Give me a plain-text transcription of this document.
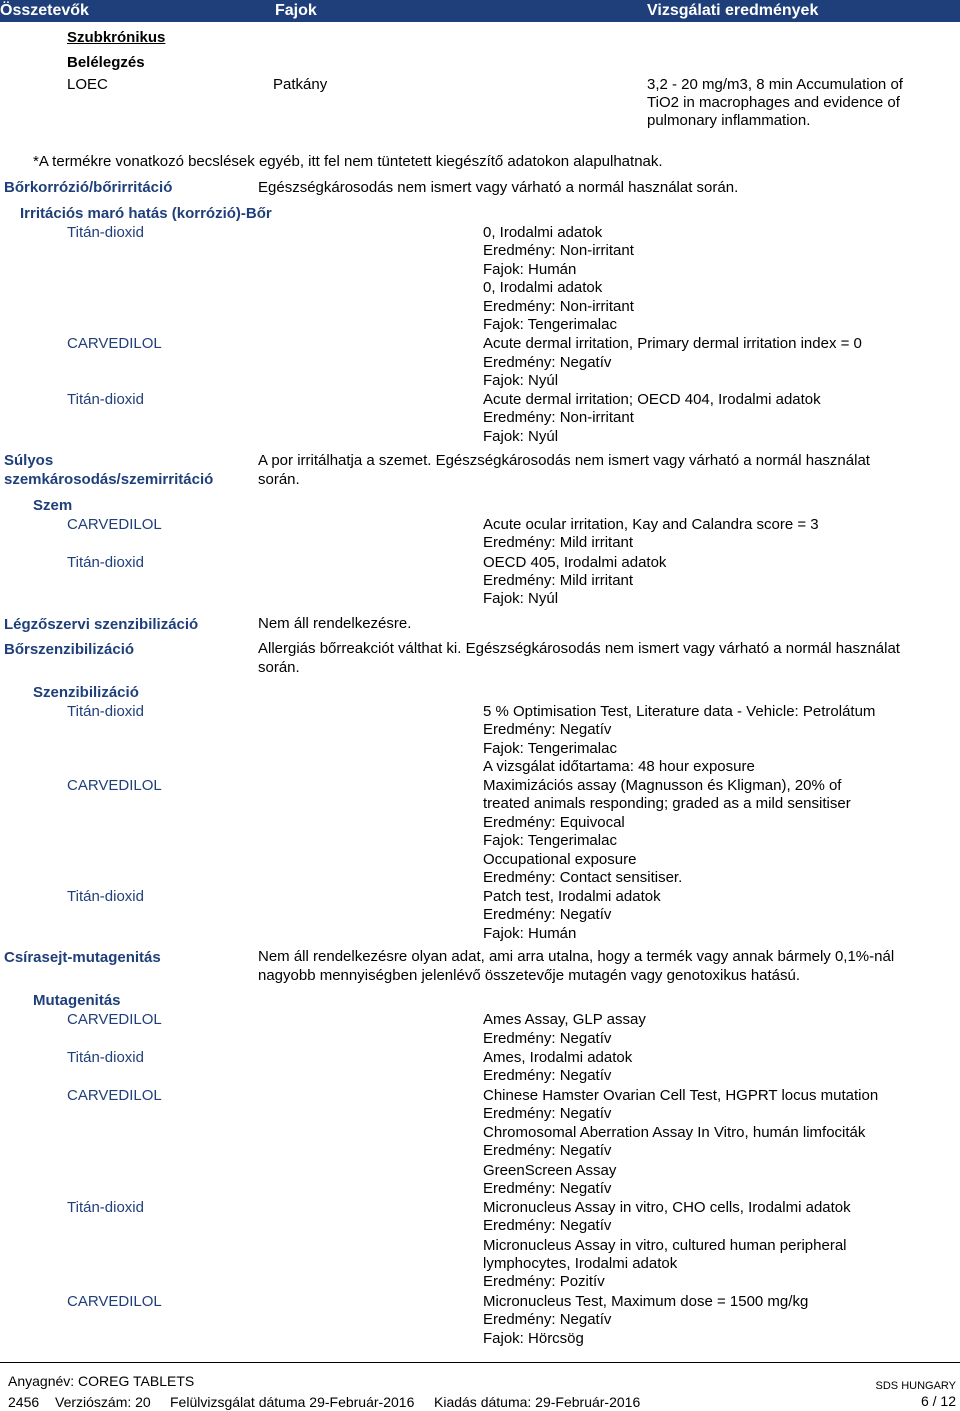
Összetevők	Fajok	Vizsgálati eredmények
Szubkrónikus
Belélegzés
LOEC	Patkány	3,2 - 20 mg/m3, 8 min Accumulation of
TiO2 in macrophages and evidence of
pulmonary inflammation.
*A termékre vonatkozó becslések egyéb, itt fel nem tüntetett kiegészítő adatokon alapulhatnak.
Bőrkorrózió/bőrirritáció	Egészségkárosodás nem ismert vagy várható a normál használat során.
Irritációs maró hatás (korrózió)-Bőr
Titán-dioxid	0, Irodalmi adatok
Eredmény: Non-irritant
Fajok: Humán
0, Irodalmi adatok
Eredmény: Non-irritant
Fajok: Tengerimalac
CARVEDILOL	Acute dermal irritation, Primary dermal irritation index = 0
Eredmény: Negatív
Fajok: Nyúl
Titán-dioxid	Acute dermal irritation; OECD 404, Irodalmi adatok
Eredmény: Non-irritant
Fajok: Nyúl
Súlyos
szemkárosodás/szemirritáció
A por irritálhatja a szemet. Egészségkárosodás nem ismert vagy várható a normál használat
során.
Szem
CARVEDILOL	Acute ocular irritation, Kay and Calandra score = 3
Eredmény: Mild irritant
Titán-dioxid	OECD 405, Irodalmi adatok
Eredmény: Mild irritant
Fajok: Nyúl
Légzőszervi szenzibilizáció	Nem áll rendelkezésre.
Bőrszenzibilizáció	Allergiás bőrreakciót válthat ki. Egészségkárosodás nem ismert vagy várható a normál használat
során.
Szenzibilizáció
Titán-dioxid	5 % Optimisation Test, Literature data - Vehicle: Petrolátum
Eredmény: Negatív
Fajok: Tengerimalac
A vizsgálat időtartama: 48 hour exposure
CARVEDILOL	Maximizációs assay (Magnusson és Kligman), 20% of
treated animals responding; graded as a mild sensitiser
Eredmény: Equivocal
Fajok: Tengerimalac
Occupational exposure
Eredmény: Contact sensitiser.
Titán-dioxid	Patch test, Irodalmi adatok
Eredmény: Negatív
Fajok: Humán
Csírasejt-mutagenitás	Nem áll rendelkezésre olyan adat, ami arra utalna, hogy a termék vagy annak bármely 0,1%-nál
nagyobb mennyiségben jelenlévő összetevője mutagén vagy genotoxikus hatású.
Mutagenitás
CARVEDILOL	Ames Assay, GLP assay
Eredmény: Negatív
Titán-dioxid	Ames, Irodalmi adatok
Eredmény: Negatív
CARVEDILOL	Chinese Hamster Ovarian Cell Test, HGPRT locus mutation
Eredmény: Negatív
Chromosomal Aberration Assay In Vitro, humán limfociták
Eredmény: Negatív
GreenScreen Assay
Eredmény: Negatív
Titán-dioxid	Micronucleus Assay in vitro, CHO cells, Irodalmi adatok
Eredmény: Negatív
Micronucleus Assay in vitro, cultured human peripheral
lymphocytes, Irodalmi adatok
Eredmény: Pozitív
CARVEDILOL	Micronucleus Test, Maximum dose = 1500 mg/kg
Eredmény: Negatív
Fajok: Hörcsög
Anyagnév: COREG TABLETS
2456 Verziószám: 20 Felülvizsgálat dátuma 29-Február-2016 Kiadás dátuma: 29-Február-2016
SDS HUNGARY
6 / 12
